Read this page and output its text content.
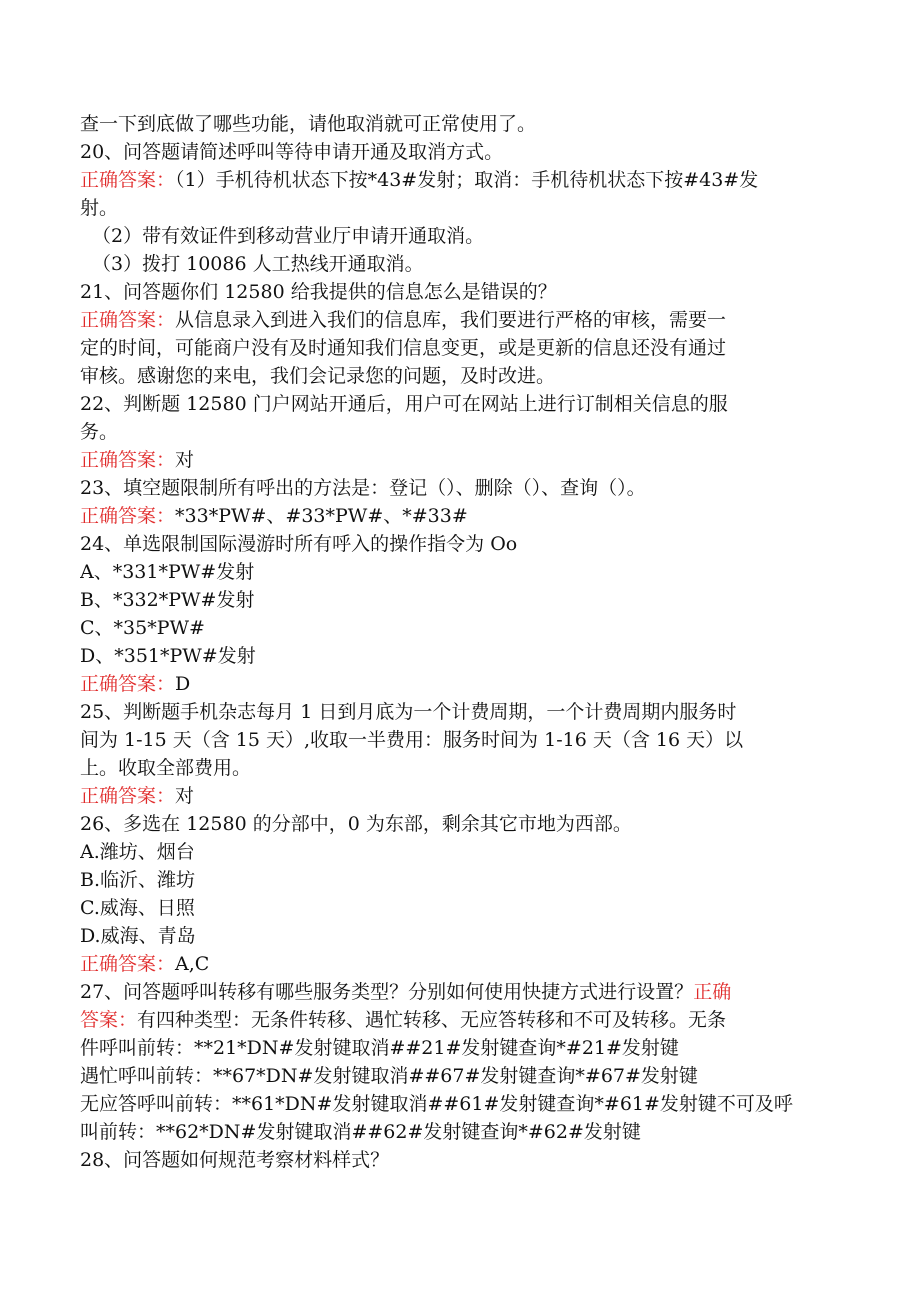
查一下到底做了哪些功能，请他取消就可正常使用了。
20、问答题请简述呼叫等待申请开通及取消方式。
正确答案：（1）手机待机状态下按*43#发射；取消：手机待机状态下按#43#发
射。
（2）带有效证件到移动营业厅申请开通取消。
（3）拨打 10086 人工热线开通取消。
21、问答题你们 12580 给我提供的信息怎么是错误的？
正确答案：从信息录入到进入我们的信息库，我们要进行严格的审核，需要一
定的时间，可能商户没有及时通知我们信息变更，或是更新的信息还没有通过
审核。感谢您的来电，我们会记录您的问题，及时改进。
22、判断题 12580 门户网站开通后，用户可在网站上进行订制相关信息的服
务。
正确答案：对
23、填空题限制所有呼出的方法是：登记（）、删除（）、查询（）。
正确答案：*33*PW#、#33*PW#、*#33#
24、单选限制国际漫游时所有呼入的操作指令为 Oo
A、*331*PW#发射
B、*332*PW#发射
C、*35*PW#
D、*351*PW#发射
正确答案：D
25、判断题手机杂志每月 1 日到月底为一个计费周期，一个计费周期内服务时
间为 1-15 天（含 15 天）,收取一半费用：服务时间为 1-16 天（含 16 天）以
上。收取全部费用。
正确答案：对
26、多选在 12580 的分部中，0 为东部，剩余其它市地为西部。
A.潍坊、烟台
B.临沂、潍坊
C.威海、日照
D.威海、青岛
正确答案：A,C
27、问答题呼叫转移有哪些服务类型？分别如何使用快捷方式进行设置？正确
答案：有四种类型：无条件转移、遇忙转移、无应答转移和不可及转移。无条
件呼叫前转：**21*DN#发射键取消##21#发射键查询*#21#发射键
遇忙呼叫前转：**67*DN#发射键取消##67#发射键查询*#67#发射键
无应答呼叫前转：**61*DN#发射键取消##61#发射键查询*#61#发射键不可及呼
叫前转：**62*DN#发射键取消##62#发射键查询*#62#发射键
28、问答题如何规范考察材料样式？
